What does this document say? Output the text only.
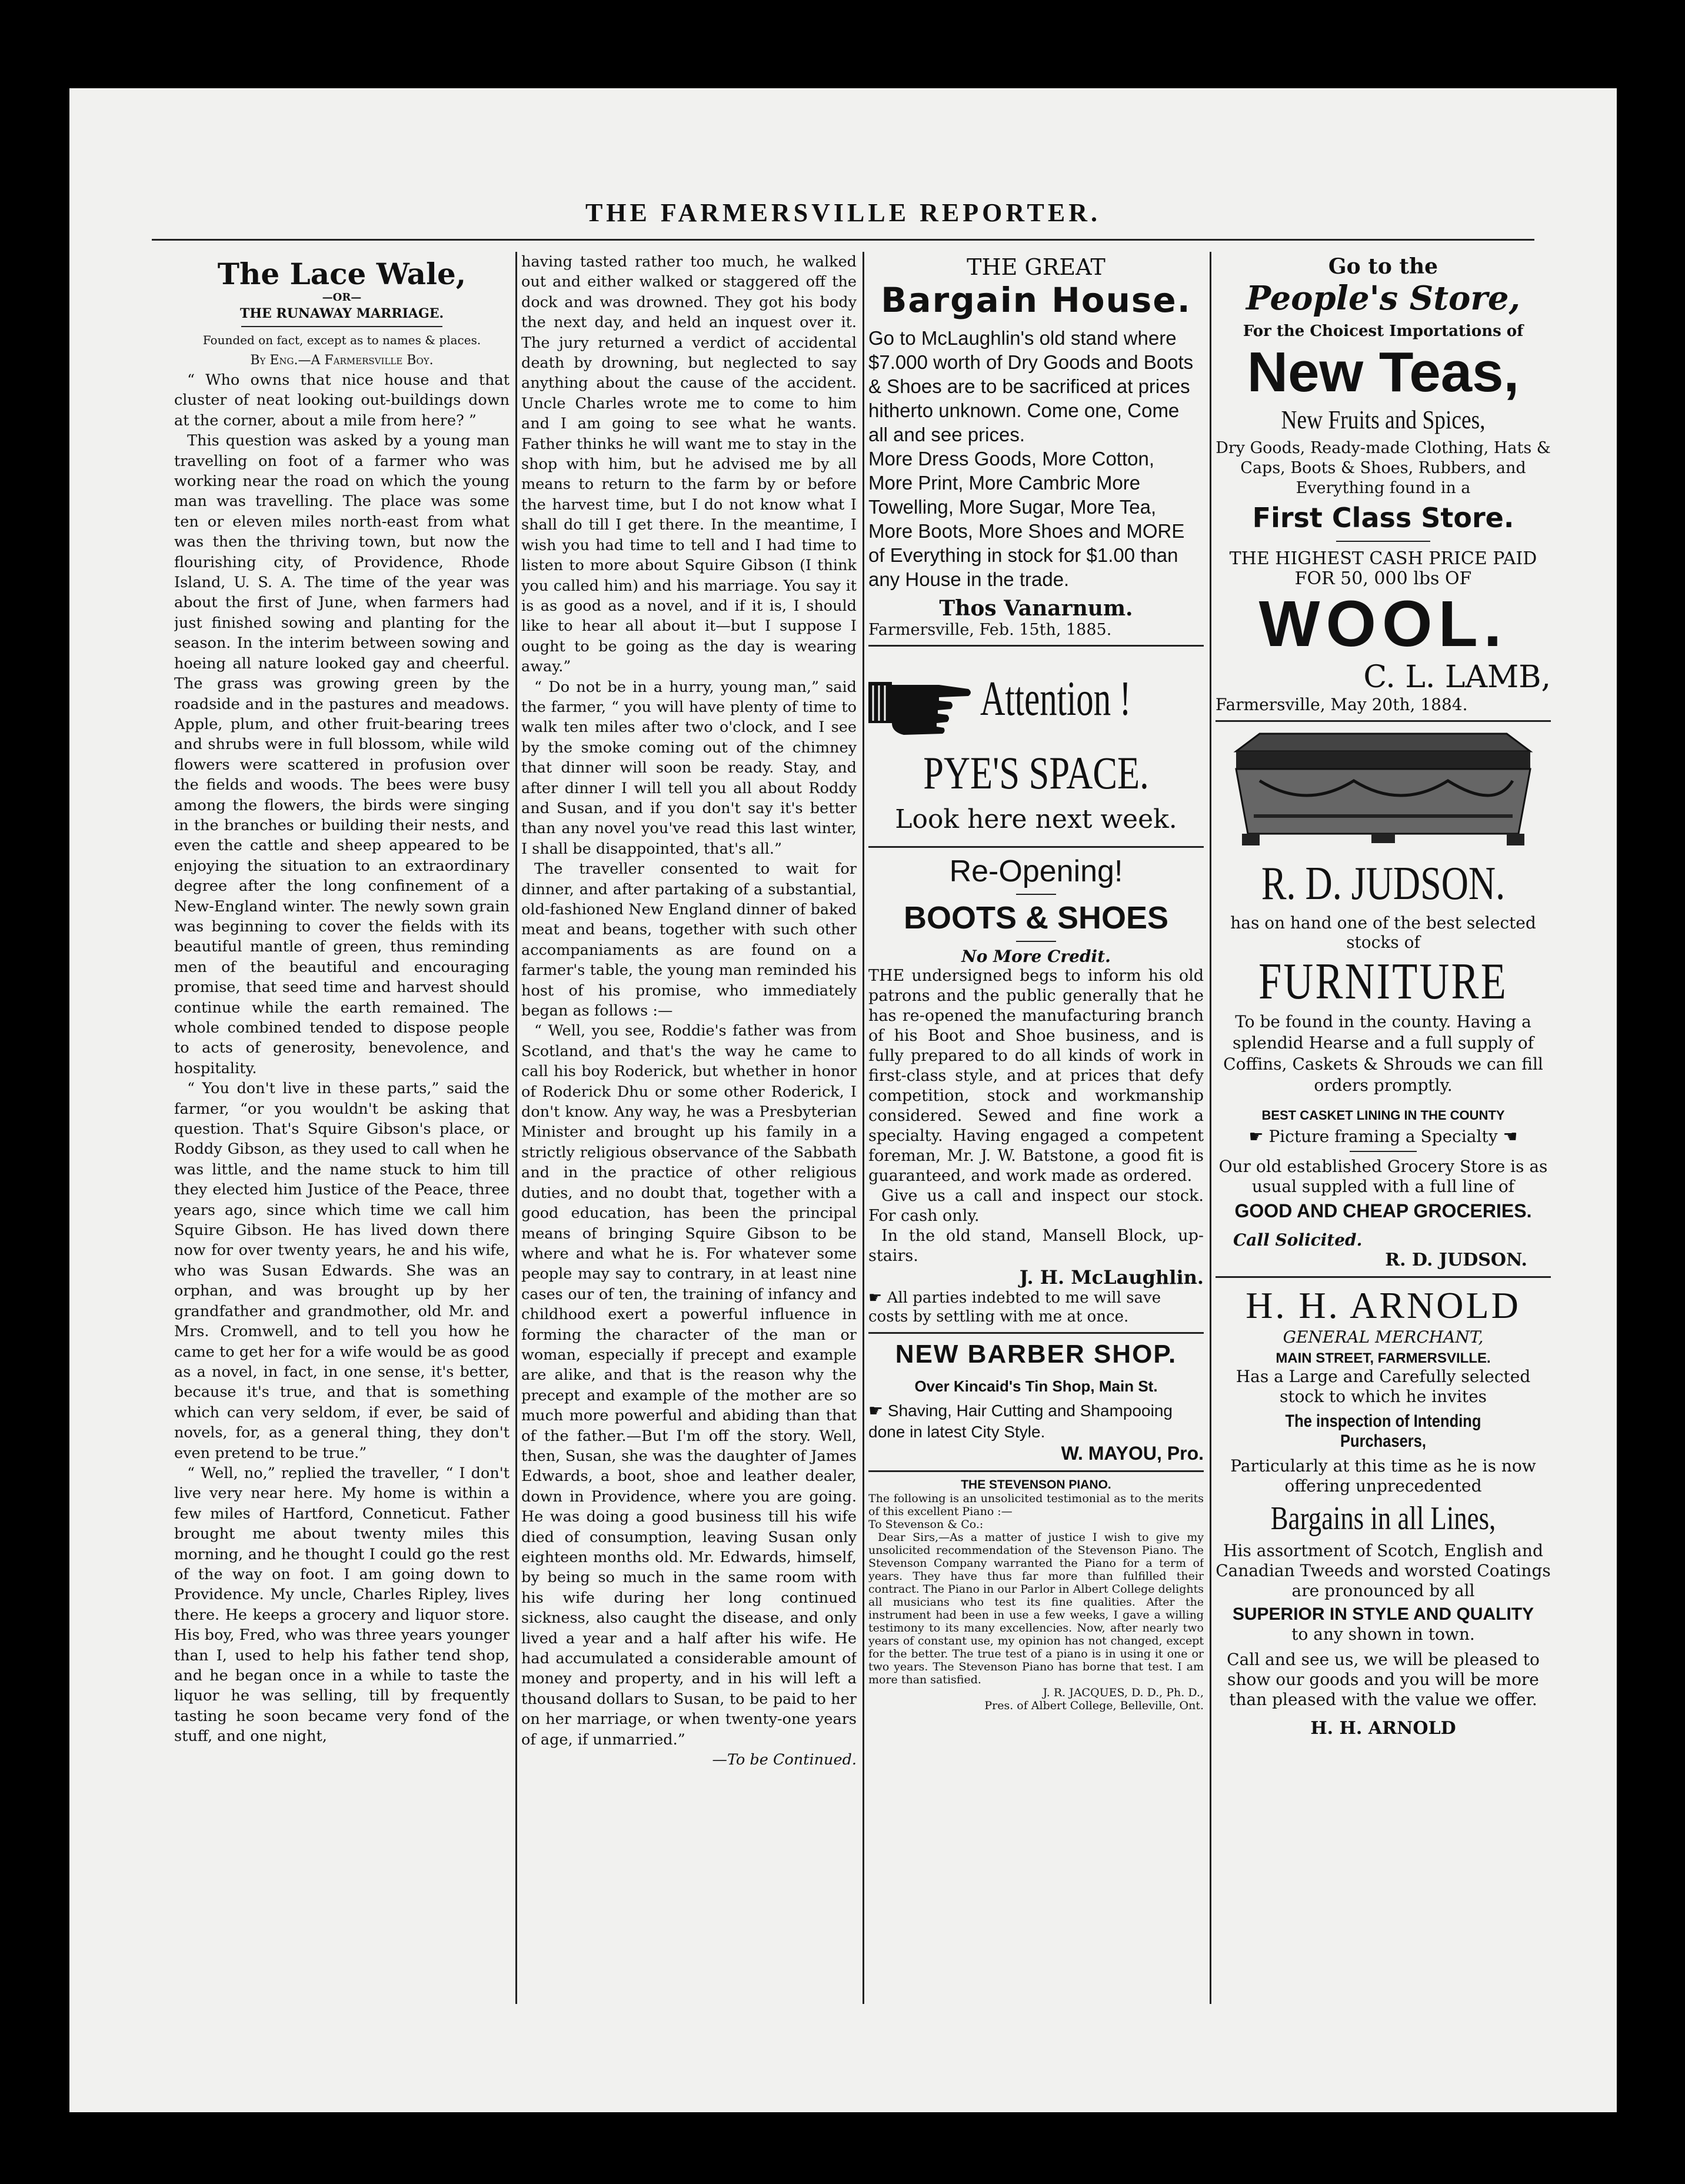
THE FARMERSVILLE REPORTER.
The Lace Wale,
—OR—
THE RUNAWAY MARRIAGE.
Founded on fact, except as to names & places.
By Eng.—A Farmersville Boy.

“ Who owns that nice house and that cluster of neat looking out-buildings down at the corner, about a mile from here? ”

This question was asked by a young man travelling on foot of a farmer who was working near the road on which the young man was travelling. The place was some ten or eleven miles north-east from what was then the thriving town, but now the flourishing city, of Providence, Rhode Island, U. S. A. The time of the year was about the first of June, when farmers had just finished sowing and planting for the season. In the interim between sowing and hoeing all nature looked gay and cheerful. The grass was growing green by the roadside and in the pastures and meadows. Apple, plum, and other fruit-bearing trees and shrubs were in full blossom, while wild flowers were scattered in profusion over the fields and woods. The bees were busy among the flowers, the birds were singing in the branches or building their nests, and even the cattle and sheep appeared to be enjoying the situation to an extraordinary degree after the long confinement of a New-England winter. The newly sown grain was beginning to cover the fields with its beautiful mantle of green, thus reminding men of the beautiful and encouraging promise, that seed time and harvest should continue while the earth remained. The whole combined tended to dispose people to acts of generosity, benevolence, and hospitality.

“ You don't live in these parts,” said the farmer, “or you wouldn't be asking that question. That's Squire Gibson's place, or Roddy Gibson, as they used to call when he was little, and the name stuck to him till they elected him Justice of the Peace, three years ago, since which time we call him Squire Gibson. He has lived down there now for over twenty years, he and his wife, who was Susan Edwards. She was an orphan, and was brought up by her grandfather and grandmother, old Mr. and Mrs. Cromwell, and to tell you how he came to get her for a wife would be as good as a novel, in fact, in one sense, it's better, because it's true, and that is something which can very seldom, if ever, be said of novels, for, as a general thing, they don't even pretend to be true.”

“ Well, no,” replied the traveller, “ I don't live very near here. My home is within a few miles of Hartford, Conneticut. Father brought me about twenty miles this morning, and he thought I could go the rest of the way on foot. I am going down to Providence. My uncle, Charles Ripley, lives there. He keeps a grocery and liquor store. His boy, Fred, who was three years younger than I, used to help his father tend shop, and he began once in a while to taste the liquor he was selling, till by frequently tasting he soon became very fond of the stuff, and one night,

having tasted rather too much, he walked out and either walked or staggered off the dock and was drowned. They got his body the next day, and held an inquest over it. The jury returned a verdict of accidental death by drowning, but neglected to say anything about the cause of the accident. Uncle Charles wrote me to come to him and I am going to see what he wants. Father thinks he will want me to stay in the shop with him, but he advised me by all means to return to the farm by or before the harvest time, but I do not know what I shall do till I get there. In the meantime, I wish you had time to tell and I had time to listen to more about Squire Gibson (I think you called him) and his marriage. You say it is as good as a novel, and if it is, I should like to hear all about it—but I suppose I ought to be going as the day is wearing away.”

“ Do not be in a hurry, young man,” said the farmer, “ you will have plenty of time to walk ten miles after two o'clock, and I see by the smoke coming out of the chimney that dinner will soon be ready. Stay, and after dinner I will tell you all about Roddy and Susan, and if you don't say it's better than any novel you've read this last winter, I shall be disappointed, that's all.”

The traveller consented to wait for dinner, and after partaking of a substantial, old-fashioned New England dinner of baked meat and beans, together with such other accompaniaments as are found on a farmer's table, the young man reminded his host of his promise, who immediately began as follows :—

“ Well, you see, Roddie's father was from Scotland, and that's the way he came to call his boy Roderick, but whether in honor of Roderick Dhu or some other Roderick, I don't know. Any way, he was a Presbyterian Minister and brought up his family in a strictly religious observance of the Sabbath and in the practice of other religious duties, and no doubt that, together with a good education, has been the principal means of bringing Squire Gibson to be where and what he is. For whatever some people may say to contrary, in at least nine cases our of ten, the training of infancy and childhood exert a powerful influence in forming the character of the man or woman, especially if precept and example are alike, and that is the reason why the precept and example of the mother are so much more powerful and abiding than that of the father.—But I'm off the story. Well, then, Susan, she was the daughter of James Edwards, a boot, shoe and leather dealer, down in Providence, where you are going. He was doing a good business till his wife died of consumption, leaving Susan only eighteen months old. Mr. Edwards, himself, by being so much in the same room with his wife during her long continued sickness, also caught the disease, and only lived a year and a half after his wife. He had accumulated a considerable amount of money and property, and in his will left a thousand dollars to Susan, to be paid to her on her marriage, or when twenty-one years of age, if unmarried.”

—To be Continued.

THE GREAT
Bargain House.
Go to McLaughlin's old stand where $7.000 worth of Dry Goods and Boots & Shoes are to be sacrificed at prices hitherto unknown. Come one, Come all and see prices.
More Dress Goods, More Cotton, More Print, More Cambric More Towelling, More Sugar, More Tea, More Boots, More Shoes and MORE of Everything in stock for $1.00 than any House in the trade.
Thos Vanarnum.
Farmersville, Feb. 15th, 1885.
Attention !
PYE'S SPACE.
Look here next week.
Re-Opening!
BOOTS & SHOES
No More Credit.

THE undersigned begs to inform his old patrons and the public generally that he has re-opened the manufacturing branch of his Boot and Shoe business, and is fully prepared to do all kinds of work in first-class style, and at prices that defy competition, stock and workmanship considered. Sewed and fine work a specialty. Having engaged a competent foreman, Mr. J. W. Batstone, a good fit is guaranteed, and work made as ordered.

Give us a call and inspect our stock. For cash only.

In the old stand, Mansell Block, up-stairs.

J. H. McLaughlin.
☛ All parties indebted to me will save costs by settling with me at once.
NEW BARBER SHOP.
Over Kincaid's Tin Shop, Main St.
☛ Shaving, Hair Cutting and Shampooing done in latest City Style.
W. MAYOU, Pro.
THE STEVENSON PIANO.
The following is an unsolicited testimonial as to the merits of this excellent Piano :—
To Stevenson & Co.:
Dear Sirs,—As a matter of justice I wish to give my unsolicited recommendation of the Stevenson Piano. The Stevenson Company warranted the Piano for a term of years. They have thus far more than fulfilled their contract. The Piano in our Parlor in Albert College delights all musicians who test its fine qualities. After the instrument had been in use a few weeks, I gave a willing testimony to its many excellencies. Now, after nearly two years of constant use, my opinion has not changed, except for the better. The true test of a piano is in using it one or two years. The Stevenson Piano has borne that test. I am more than satisfied.
J. R. JACQUES, D. D., Ph. D.,
Pres. of Albert College, Belleville, Ont.
Go to the
People's Store,
For the Choicest Importations of
New Teas,
New Fruits and Spices,
Dry Goods, Ready-made Clothing, Hats & Caps, Boots & Shoes, Rubbers, and Everything found in a
First Class Store.
THE HIGHEST CASH PRICE PAID FOR 50, 000 lbs OF
WOOL.
C. L. LAMB,
Farmersville, May 20th, 1884.
R. D. JUDSON.
has on hand one of the best selected
stocks of
FURNITURE
To be found in the county. Having a splendid Hearse and a full supply of Coffins, Caskets & Shrouds we can fill orders promptly.
BEST CASKET LINING IN THE COUNTY
☛ Picture framing a Specialty ☚
Our old established Grocery Store is as usual suppled with a full line of
GOOD AND CHEAP GROCERIES.
Call Solicited.
R. D. JUDSON.
H. H. ARNOLD
GENERAL MERCHANT,
MAIN STREET, FARMERSVILLE.
Has a Large and Carefully selected stock to which he invites
The inspection of Intending Purchasers,
Particularly at this time as he is now offering unprecedented
Bargains in all Lines,
His assortment of Scotch, English and Canadian Tweeds and worsted Coatings are pronounced by all
SUPERIOR IN STYLE AND QUALITY
to any shown in town.
Call and see us, we will be pleased to show our goods and you will be more than pleased with the value we offer.
H. H. ARNOLD
